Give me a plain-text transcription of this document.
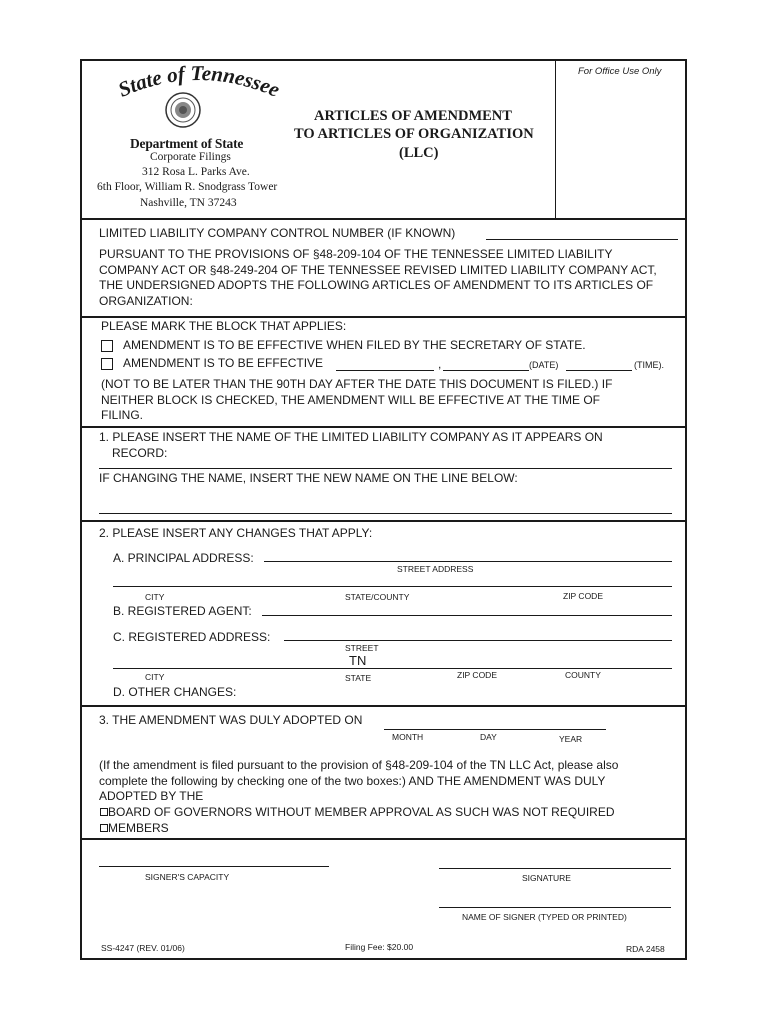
State of Tennessee
Department of State
Corporate Filings
312 Rosa L. Parks Ave.
6th Floor, William R. Snodgrass Tower
Nashville, TN 37243
ARTICLES OF AMENDMENT
TO ARTICLES OF ORGANIZATION
(LLC)
For Office Use Only
LIMITED LIABILITY COMPANY CONTROL NUMBER (IF KNOWN)
PURSUANT TO THE PROVISIONS OF §48-209-104 OF THE TENNESSEE LIMITED LIABILITY COMPANY ACT OR §48-249-204 OF THE TENNESSEE REVISED LIMITED LIABILITY COMPANY ACT, THE UNDERSIGNED ADOPTS THE FOLLOWING ARTICLES OF AMENDMENT TO ITS ARTICLES OF ORGANIZATION:
PLEASE MARK THE BLOCK THAT APPLIES:
AMENDMENT IS TO BE EFFECTIVE WHEN FILED BY THE SECRETARY OF STATE.
AMENDMENT IS TO BE EFFECTIVE	,	(DATE)	(TIME).
(NOT TO BE LATER THAN THE 90TH DAY AFTER THE DATE THIS DOCUMENT IS FILED.) IF NEITHER BLOCK IS CHECKED, THE AMENDMENT WILL BE EFFECTIVE AT THE TIME OF FILING.
1. PLEASE INSERT THE NAME OF THE LIMITED LIABILITY COMPANY AS IT APPEARS ON
RECORD:
IF CHANGING THE NAME, INSERT THE NEW NAME ON THE LINE BELOW:
2. PLEASE INSERT ANY CHANGES THAT APPLY:
A. PRINCIPAL ADDRESS:
STREET ADDRESS
CITY	STATE/COUNTY	ZIP CODE
B. REGISTERED AGENT:
C. REGISTERED ADDRESS:
STREET
TN
CITY	STATE	ZIP CODE	COUNTY
D. OTHER CHANGES:
3. THE AMENDMENT WAS DULY ADOPTED ON
MONTH	DAY	YEAR
(If the amendment is filed pursuant to the provision of §48-209-104 of the TN LLC Act, please also complete the following by checking one of the two boxes:) AND THE AMENDMENT WAS DULY ADOPTED BY THE
BOARD OF GOVERNORS WITHOUT MEMBER APPROVAL AS SUCH WAS NOT REQUIRED
MEMBERS
SIGNER'S CAPACITY	SIGNATURE
NAME OF SIGNER (TYPED OR PRINTED)
SS-4247 (REV. 01/06)	Filing Fee: $20.00	RDA 2458
